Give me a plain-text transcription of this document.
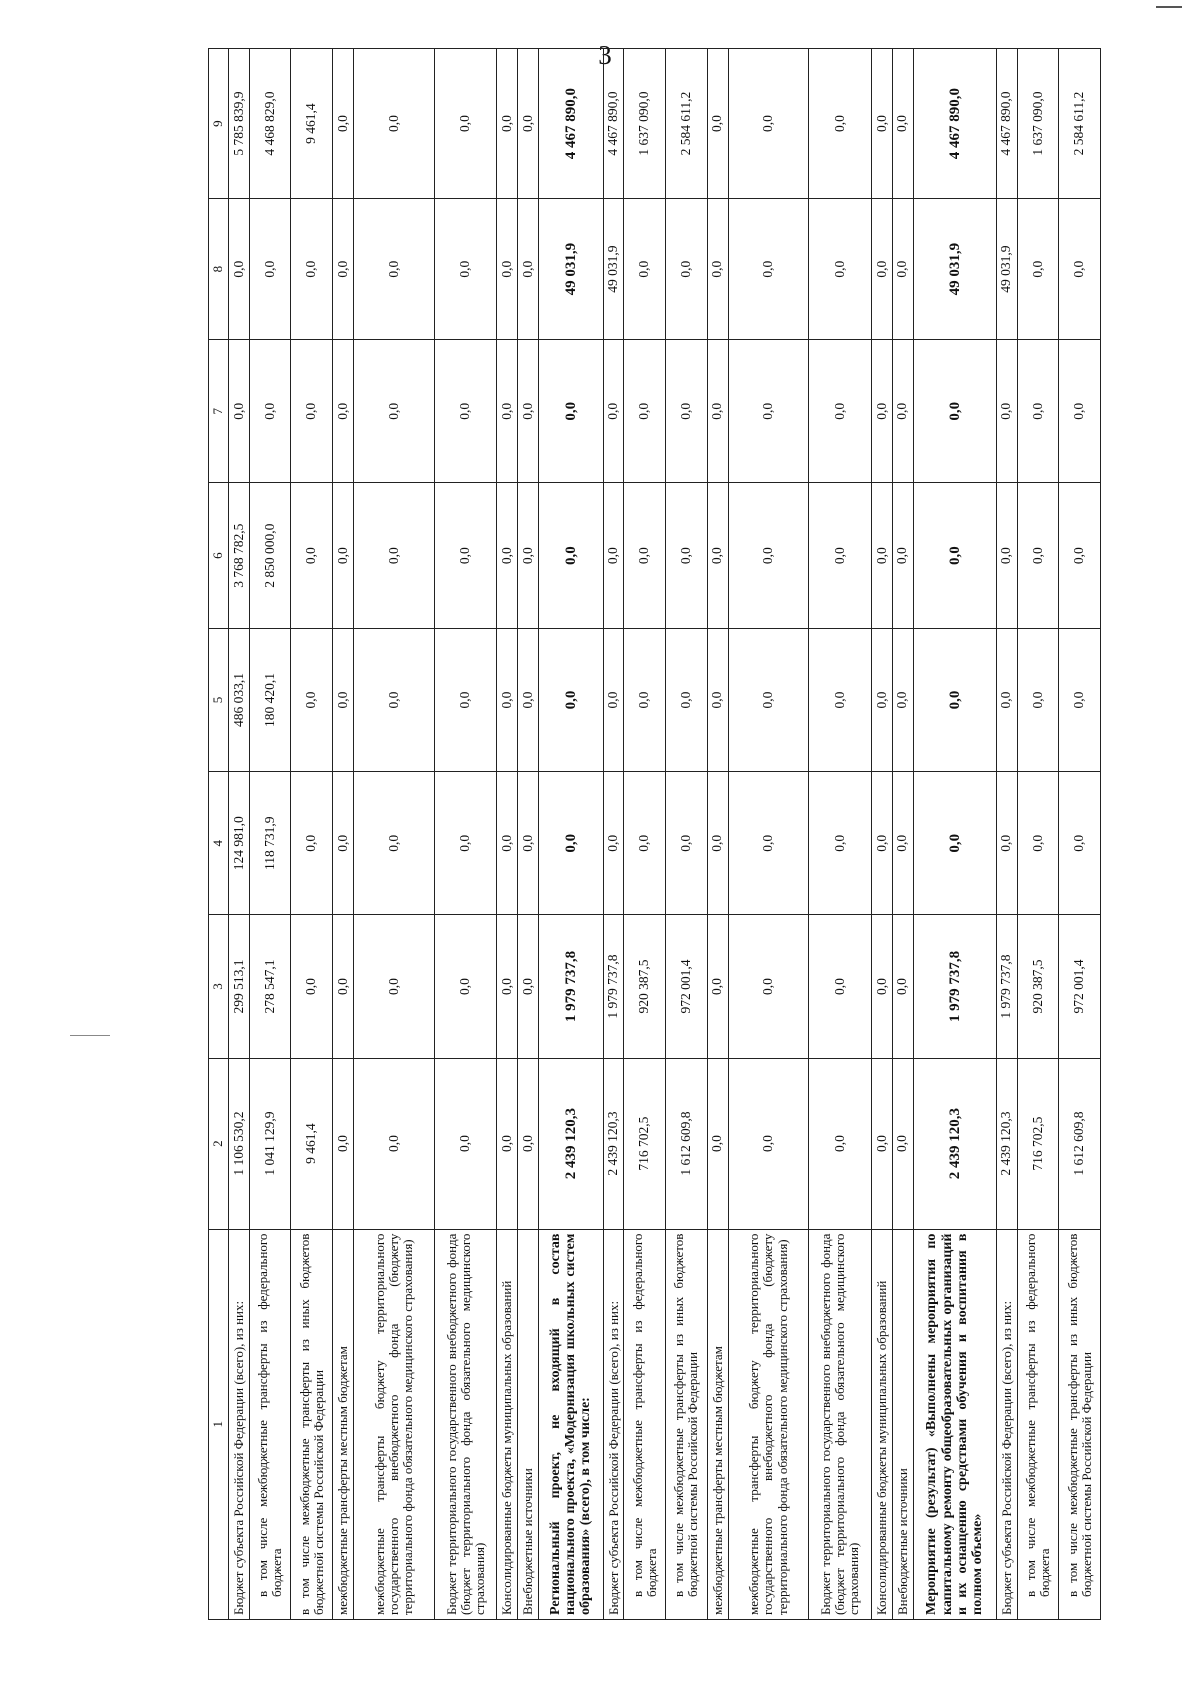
3
1	2	3	4	5	6	7	8	9
Бюджет субъекта Российской Федерации (всего), из них:	1 106 530,2	299 513,1	124 981,0	486 033,1	3 768 782,5	0,0	0,0	5 785 839,9
в том числе межбюджетные трансферты из федерального бюджета	1 041 129,9	278 547,1	118 731,9	180 420,1	2 850 000,0	0,0	0,0	4 468 829,0
в том числе межбюджетные трансферты из иных бюджетов бюджетной системы Российской Федерации	9 461,4	0,0	0,0	0,0	0,0	0,0	0,0	9 461,4
межбюджетные трансферты местным бюджетам	0,0	0,0	0,0	0,0	0,0	0,0	0,0	0,0
межбюджетные трансферты бюджету территориального государственного внебюджетного фонда (бюджету территориального фонда обязательного медицинского страхования)	0,0	0,0	0,0	0,0	0,0	0,0	0,0	0,0
Бюджет территориального государственного внебюджетного фонда (бюджет территориального фонда обязательного медицинского страхования)	0,0	0,0	0,0	0,0	0,0	0,0	0,0	0,0
Консолидированные бюджеты муниципальных образований	0,0	0,0	0,0	0,0	0,0	0,0	0,0	0,0
Внебюджетные источники	0,0	0,0	0,0	0,0	0,0	0,0	0,0	0,0
Региональный проект, не входящий в состав национального проекта, «Модернизация школьных систем образования» (всего), в том числе:	2 439 120,3	1 979 737,8	0,0	0,0	0,0	0,0	49 031,9	4 467 890,0
Бюджет субъекта Российской Федерации (всего), из них:	2 439 120,3	1 979 737,8	0,0	0,0	0,0	0,0	49 031,9	4 467 890,0
в том числе межбюджетные трансферты из федерального бюджета	716 702,5	920 387,5	0,0	0,0	0,0	0,0	0,0	1 637 090,0
в том числе межбюджетные трансферты из иных бюджетов бюджетной системы Российской Федерации	1 612 609,8	972 001,4	0,0	0,0	0,0	0,0	0,0	2 584 611,2
межбюджетные трансферты местным бюджетам	0,0	0,0	0,0	0,0	0,0	0,0	0,0	0,0
межбюджетные трансферты бюджету территориального государственного внебюджетного фонда (бюджету территориального фонда обязательного медицинского страхования)	0,0	0,0	0,0	0,0	0,0	0,0	0,0	0,0
Бюджет территориального государственного внебюджетного фонда (бюджет территориального фонда обязательного медицинского страхования)	0,0	0,0	0,0	0,0	0,0	0,0	0,0	0,0
Консолидированные бюджеты муниципальных образований	0,0	0,0	0,0	0,0	0,0	0,0	0,0	0,0
Внебюджетные источники	0,0	0,0	0,0	0,0	0,0	0,0	0,0	0,0
Мероприятие (результат) «Выполнены мероприятия по капитальному ремонту общеобразовательных организаций и их оснащению средствами обучения и воспитания в полном объеме»	2 439 120,3	1 979 737,8	0,0	0,0	0,0	0,0	49 031,9	4 467 890,0
Бюджет субъекта Российской Федерации (всего), из них:	2 439 120,3	1 979 737,8	0,0	0,0	0,0	0,0	49 031,9	4 467 890,0
в том числе межбюджетные трансферты из федерального бюджета	716 702,5	920 387,5	0,0	0,0	0,0	0,0	0,0	1 637 090,0
в том числе межбюджетные трансферты из иных бюджетов бюджетной системы Российской Федерации	1 612 609,8	972 001,4	0,0	0,0	0,0	0,0	0,0	2 584 611,2
